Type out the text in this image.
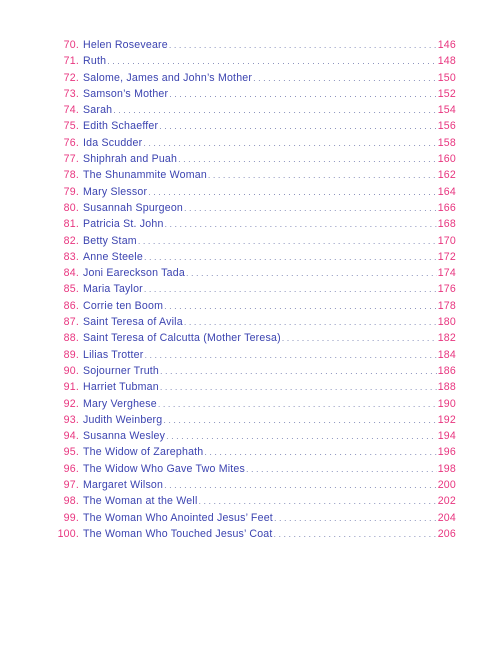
70. Helen Roseveare . . .	146
71. Ruth . . .	148
72. Salome, James and John’s Mother . . .	150
73. Samson’s Mother . . .	152
74. Sarah . . .	154
75. Edith Schaeffer . . .	156
76. Ida Scudder . . .	158
77. Shiphrah and Puah . . .	160
78. The Shunammite Woman . . .	162
79. Mary Slessor . . .	164
80. Susannah Spurgeon . . .	166
81. Patricia St. John . . .	168
82. Betty Stam . . .	170
83. Anne Steele . . .	172
84. Joni Eareckson Tada . . .	174
85. Maria Taylor . . .	176
86. Corrie ten Boom . . .	178
87. Saint Teresa of Avila . . .	180
88. Saint Teresa of Calcutta (Mother Teresa) . . .	182
89. Lilias Trotter . . .	184
90. Sojourner Truth . . .	186
91. Harriet Tubman . . .	188
92. Mary Verghese . . .	190
93. Judith Weinberg . . .	192
94. Susanna Wesley . . .	194
95. The Widow of Zarephath . . .	196
96. The Widow Who Gave Two Mites . . .	198
97. Margaret Wilson . . .	200
98. The Woman at the Well . . .	202
99. The Woman Who Anointed Jesus’ Feet . . .	204
100. The Woman Who Touched Jesus’ Coat . . .	206
